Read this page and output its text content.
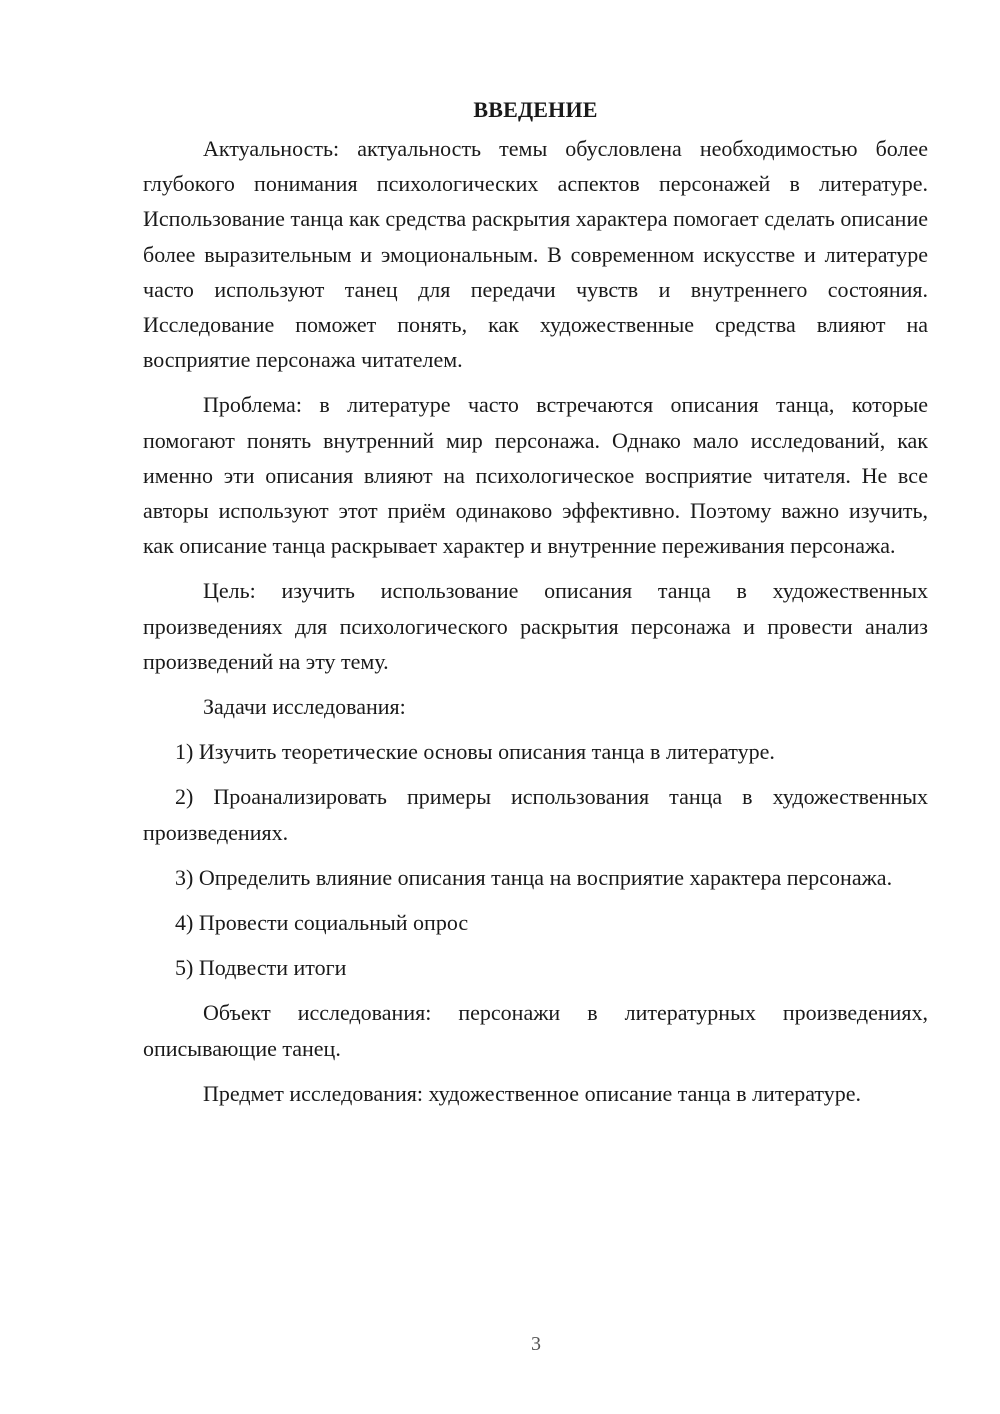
ВВЕДЕНИЕ

Актуальность: актуальность темы обусловлена необходимостью более глубокого понимания психологических аспектов персонажей в литературе. Использование танца как средства раскрытия характера помогает сделать описание более выразительным и эмоциональным. В современном искусстве и литературе часто используют танец для передачи чувств и внутреннего состояния. Исследование поможет понять, как художественные средства влияют на восприятие персонажа читателем.

Проблема: в литературе часто встречаются описания танца, которые помогают понять внутренний мир персонажа. Однако мало исследований, как именно эти описания влияют на психологическое восприятие читателя. Не все авторы используют этот приём одинаково эффективно. Поэтому важно изучить, как описание танца раскрывает характер и внутренние переживания персонажа.

Цель: изучить использование описания танца в художественных произведениях для психологического раскрытия персонажа и провести анализ произведений на эту тему.

Задачи исследования:

1) Изучить теоретические основы описания танца в литературе.

2) Проанализировать примеры использования танца в художественных произведениях.

3) Определить влияние описания танца на восприятие характера персонажа.

4) Провести социальный опрос

5) Подвести итоги

Объект исследования: персонажи в литературных произведениях, описывающие танец.

Предмет исследования: художественное описание танца в литературе.

3
